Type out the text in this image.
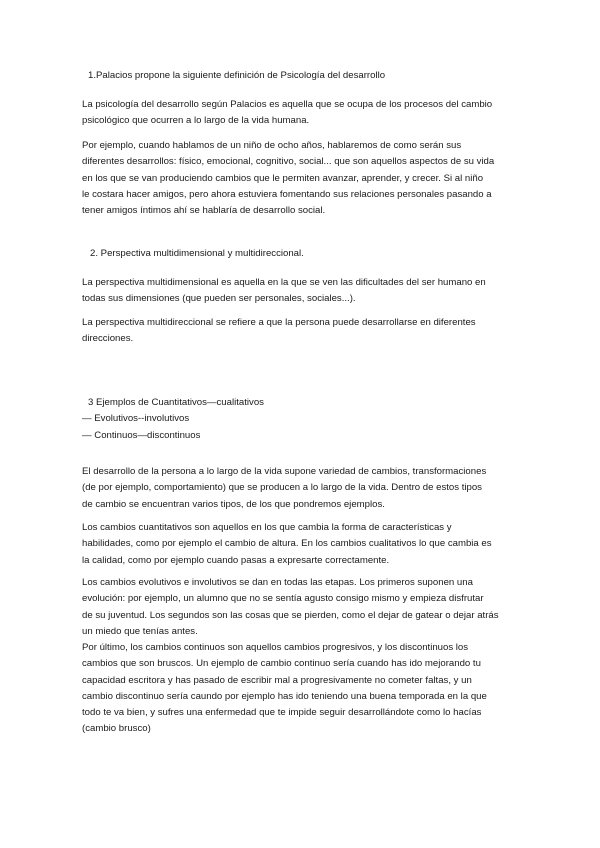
1.Palacios propone la siguiente definición de Psicología del desarrollo

La psicología del desarrollo según Palacios es aquella que se ocupa de los procesos del cambio

psicológico que ocurren a lo largo de la vida humana.

Por ejemplo, cuando hablamos de un niño de ocho años, hablaremos de como serán sus

diferentes desarrollos: físico, emocional, cognitivo, social... que son aquellos aspectos de su vida

en los que se van produciendo cambios que le permiten avanzar, aprender, y crecer. Si al niño

le costara hacer amigos, pero ahora estuviera fomentando sus relaciones personales pasando a

tener amigos íntimos ahí se hablaría de desarrollo social.

2. Perspectiva multidimensional y multidireccional.

La perspectiva multidimensional es aquella en la que se ven las dificultades del ser humano en

todas sus dimensiones (que pueden ser personales, sociales...).

La perspectiva multidireccional se refiere a que la persona puede desarrollarse en diferentes

direcciones.

3 Ejemplos de Cuantitativos—cualitativos

— Evolutivos--involutivos

— Continuos—discontinuos

El desarrollo de la persona a lo largo de la vida supone variedad de cambios, transformaciones

(de por ejemplo, comportamiento) que se producen a lo largo de la vida. Dentro de estos tipos

de cambio se encuentran varios tipos, de los que pondremos ejemplos.

Los cambios cuantitativos son aquellos en los que cambia la forma de características y

habilidades, como por ejemplo el cambio de altura. En los cambios cualitativos lo que cambia es

la calidad, como por ejemplo cuando pasas a expresarte correctamente.

Los cambios evolutivos e involutivos se dan en todas las etapas. Los primeros suponen una

evolución: por ejemplo, un alumno que no se sentía agusto consigo mismo y empieza disfrutar

de su juventud. Los segundos son las cosas que se pierden, como el dejar de gatear o dejar atrás

un miedo que tenías antes.

Por último, los cambios continuos son aquellos cambios progresivos, y los discontinuos los

cambios que son bruscos. Un ejemplo de cambio continuo sería cuando has ido mejorando tu

capacidad escritora y has pasado de escribir mal a progresivamente no cometer faltas, y un

cambio discontinuo sería caundo por ejemplo has ido teniendo una buena temporada en la que

todo te va bien, y sufres una enfermedad que te impide seguir desarrollándote como lo hacías

(cambio brusco)
